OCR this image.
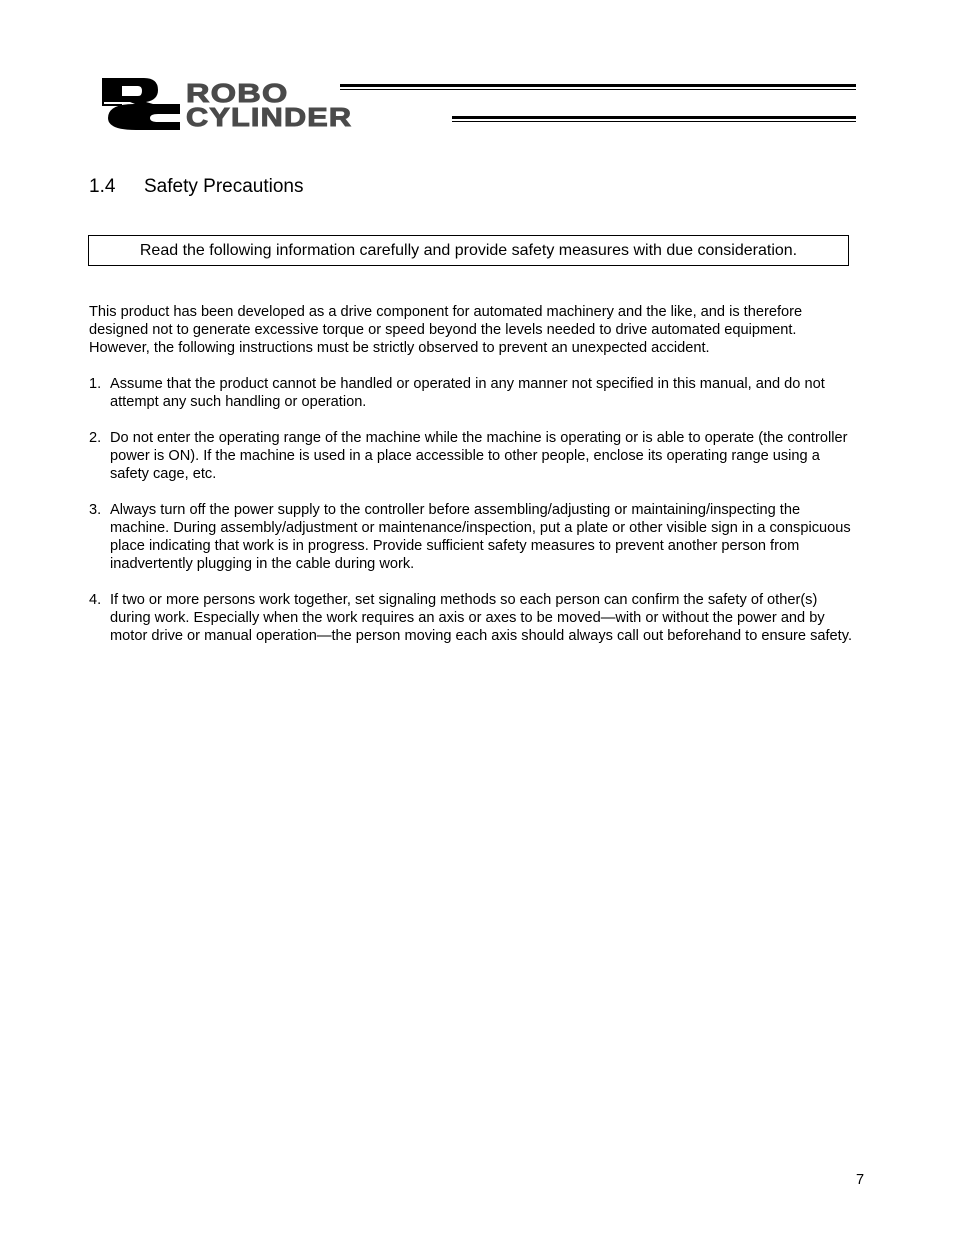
ROBO
CYLINDER
1.4 Safety Precautions
Read the following information carefully and provide safety measures with due consideration.
This product has been developed as a drive component for automated machinery and the like, and is therefore designed not to generate excessive torque or speed beyond the levels needed to drive automated equipment. However, the following instructions must be strictly observed to prevent an unexpected accident.
1. Assume that the product cannot be handled or operated in any manner not specified in this manual, and do not attempt any such handling or operation.
2. Do not enter the operating range of the machine while the machine is operating or is able to operate (the controller power is ON). If the machine is used in a place accessible to other people, enclose its operating range using a safety cage, etc.
3. Always turn off the power supply to the controller before assembling/adjusting or maintaining/inspecting the machine. During assembly/adjustment or maintenance/inspection, put a plate or other visible sign in a conspicuous place indicating that work is in progress. Provide sufficient safety measures to prevent another person from inadvertently plugging in the cable during work.
4. If two or more persons work together, set signaling methods so each person can confirm the safety of other(s) during work. Especially when the work requires an axis or axes to be moved—with or without the power and by motor drive or manual operation—the person moving each axis should always call out beforehand to ensure safety.
7
